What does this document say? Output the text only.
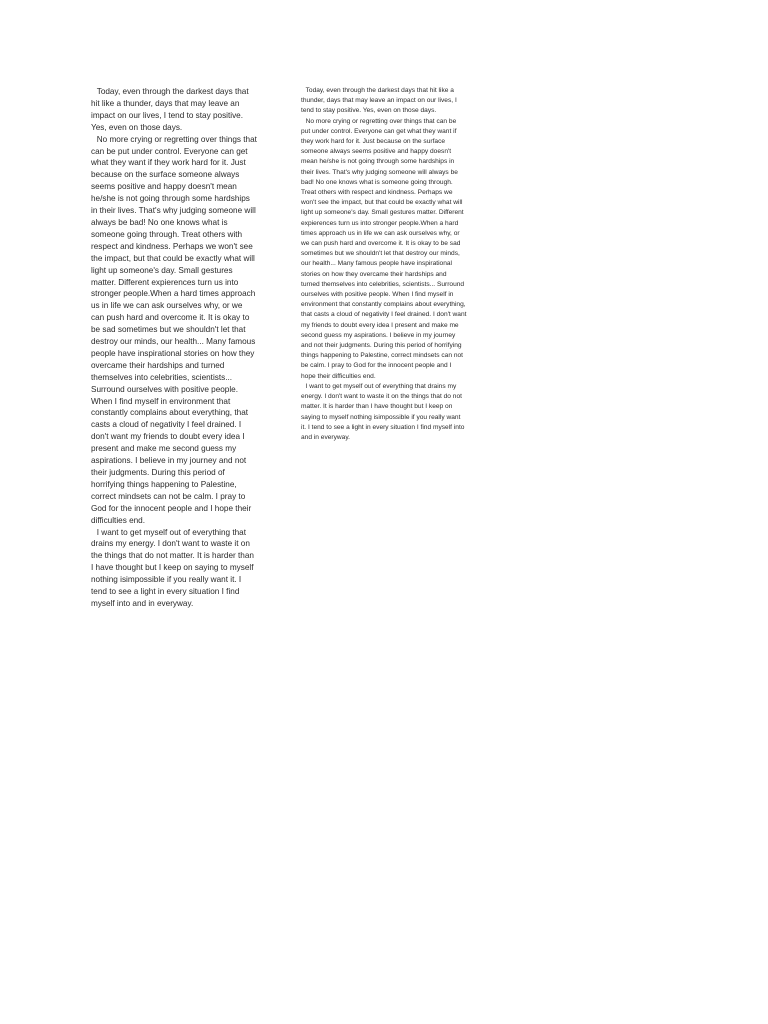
Today, even through the darkest days that hit like a thunder, days that may leave an impact on our lives, I tend to stay positive. Yes, even on those days.

No more crying or regretting over things that can be put under control. Everyone can get what they want if they work hard for it. Just because on the surface someone always seems positive and happy doesn't mean he/she is not going through some hardships in their lives. That's why judging someone will always be bad! No one knows what is someone going through. Treat others with respect and kindness. Perhaps we won't see the impact, but that could be exactly what will light up someone's day. Small gestures matter. Different expierences turn us into stronger people.When a hard times approach us in life we can ask ourselves why, or we can push hard and overcome it. It is okay to be sad sometimes but we shouldn't let that destroy our minds, our health... Many famous people have inspirational stories on how they overcame their hardships and turned themselves into celebrities, scientists... Surround ourselves with positive people. When I find myself in environment that constantly complains about everything, that casts a cloud of negativity I feel drained. I don't want my friends to doubt every idea I present and make me second guess my aspirations. I believe in my journey and not their judgments. During this period of horrifying things happening to Palestine, correct mindsets can not be calm. I pray to God for the innocent people and I hope their difficulties end.

I want to get myself out of everything that drains my energy. I don't want to waste it on the things that do not matter. It is harder than I have thought but I keep on saying to myself nothing isimpossible if you really want it. I tend to see a light in every situation I find myself into and in everyway.

Today, even through the darkest days that hit like a thunder, days that may leave an impact on our lives, I tend to stay positive. Yes, even on those days.

No more crying or regretting over things that can be put under control. Everyone can get what they want if they work hard for it. Just because on the surface someone always seems positive and happy doesn't mean he/she is not going through some hardships in their lives. That's why judging someone will always be bad! No one knows what is someone going through. Treat others with respect and kindness. Perhaps we won't see the impact, but that could be exactly what will light up someone's day. Small gestures matter. Different expierences turn us into stronger people.When a hard times approach us in life we can ask ourselves why, or we can push hard and overcome it. It is okay to be sad sometimes but we shouldn't let that destroy our minds, our health... Many famous people have inspirational stories on how they overcame their hardships and turned themselves into celebrities, scientists... Surround ourselves with positive people. When I find myself in environment that constantly complains about everything, that casts a cloud of negativity I feel drained. I don't want my friends to doubt every idea I present and make me second guess my aspirations. I believe in my journey and not their judgments. During this period of horrifying things happening to Palestine, correct mindsets can not be calm. I pray to God for the innocent people and I hope their difficulties end.

I want to get myself out of everything that drains my energy. I don't want to waste it on the things that do not matter. It is harder than I have thought but I keep on saying to myself nothing isimpossible if you really want it. I tend to see a light in every situation I find myself into and in everyway.
